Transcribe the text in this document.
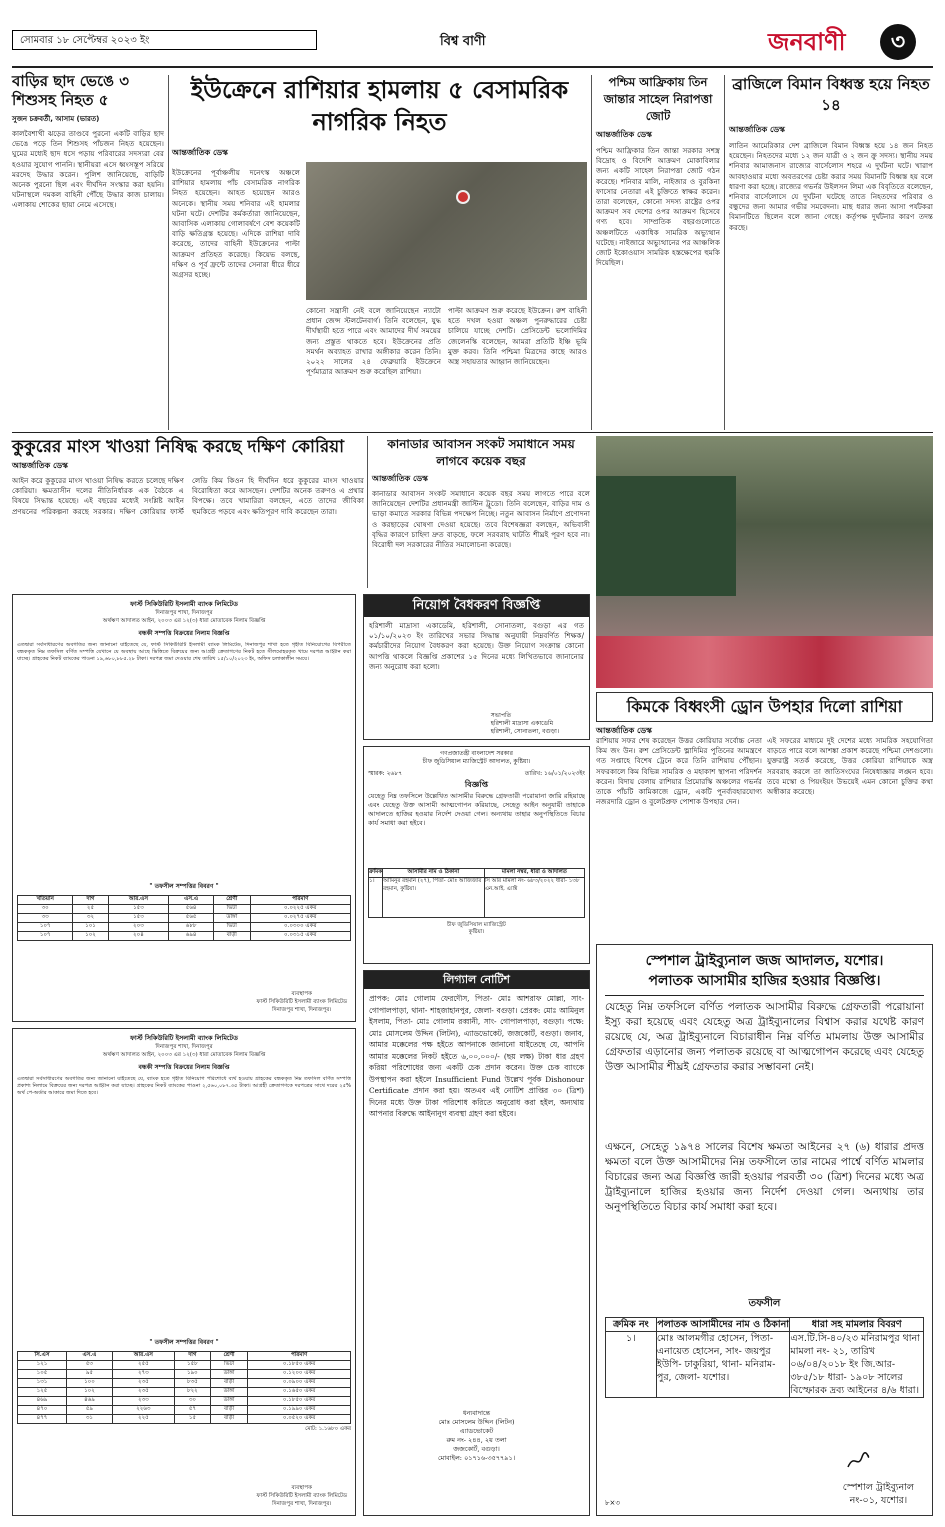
সোমবার ১৮ সেপ্টেম্বর ২০২৩ ইং	বিশ্ব বাণী	জনবাণী	৩
বাড়ির ছাদ ভেঙে ৩ শিশুসহ নিহত ৫
সুজন চক্রবর্তী, আসাম (ভারত)
কালবৈশাখী ঝড়ের তাণ্ডবে পুরনো একটি বাড়ির ছাদ ভেঙে পড়ে তিন শিশুসহ পাঁচজন নিহত হয়েছেন। ঘুমের মধ্যেই ছাদ ধসে পড়ায় পরিবারের সদস্যরা বের হওয়ার সুযোগ পাননি। স্থানীয়রা এসে ধ্বংসস্তূপ সরিয়ে মরদেহ উদ্ধার করেন। পুলিশ জানিয়েছে, বাড়িটি অনেক পুরনো ছিল এবং দীর্ঘদিন সংস্কার করা হয়নি। ঘটনাস্থলে দমকল বাহিনী পৌঁছে উদ্ধার কাজ চালায়। এলাকায় শোকের ছায়া নেমে এসেছে।
ইউক্রেনে রাশিয়ার হামলায় ৫ বেসামরিক নাগরিক নিহত
আন্তর্জাতিক ডেস্ক
ইউক্রেনের পূর্বাঞ্চলীয় দনেৎস্ক অঞ্চলে রাশিয়ার হামলায় পাঁচ বেসামরিক নাগরিক নিহত হয়েছেন। আহত হয়েছেন আরও অনেকে। স্থানীয় সময় শনিবার এই হামলার ঘটনা ঘটে। দেশটির কর্মকর্তারা জানিয়েছেন, আবাসিক এলাকায় গোলাবর্ষণে বেশ কয়েকটি বাড়ি ক্ষতিগ্রস্ত হয়েছে। এদিকে রাশিয়া দাবি করেছে, তাদের বাহিনী ইউক্রেনের পাল্টা আক্রমণ প্রতিহত করেছে। কিয়েভ বলছে, দক্ষিণ ও পূর্ব ফ্রন্টে তাদের সেনারা ধীরে ধীরে অগ্রসর হচ্ছে।
কোনো সন্ত্রাসী নেই বলে জানিয়েছেন ন্যাটো প্রধান জেন্স স্টলটেনবার্গ। তিনি বলেছেন, যুদ্ধ দীর্ঘস্থায়ী হতে পারে এবং আমাদের দীর্ঘ সময়ের জন্য প্রস্তুত থাকতে হবে। ইউক্রেনের প্রতি সমর্থন অব্যাহত রাখার অঙ্গীকার করেন তিনি। ২০২২ সালের ২৪ ফেব্রুয়ারি ইউক্রেনে পূর্ণমাত্রার আক্রমণ শুরু করেছিল রাশিয়া।
পাল্টা আক্রমণ শুরু করেছে ইউক্রেন। রুশ বাহিনী হতে দখল হওয়া অঞ্চল পুনরুদ্ধারের চেষ্টা চালিয়ে যাচ্ছে দেশটি। প্রেসিডেন্ট ভলোদিমির জেলেনস্কি বলেছেন, আমরা প্রতিটি ইঞ্চি ভূমি মুক্ত করব। তিনি পশ্চিমা মিত্রদের কাছে আরও অস্ত্র সহায়তার আহ্বান জানিয়েছেন।
পশ্চিম আফ্রিকায় তিন জান্তার সাহেল নিরাপত্তা জোট
আন্তর্জাতিক ডেস্ক
পশ্চিম আফ্রিকার তিন জান্তা সরকার সশস্ত্র বিদ্রোহ ও বিদেশি আক্রমণ মোকাবিলার জন্য একটি সাহেল নিরাপত্তা জোট গঠন করেছে। শনিবার মালি, নাইজার ও বুরকিনা ফাসোর নেতারা এই চুক্তিতে স্বাক্ষর করেন। তারা বলেছেন, কোনো সদস্য রাষ্ট্রের ওপর আক্রমণ সব দেশের ওপর আক্রমণ হিসেবে গণ্য হবে। সাম্প্রতিক বছরগুলোতে অঞ্চলটিতে একাধিক সামরিক অভ্যুত্থান ঘটেছে। নাইজারে অভ্যুত্থানের পর আঞ্চলিক জোট ইকোওয়াস সামরিক হস্তক্ষেপের হুমকি দিয়েছিল।
ব্রাজিলে বিমান বিধ্বস্ত হয়ে নিহত ১৪
আন্তর্জাতিক ডেস্ক
লাতিন আমেরিকার দেশ ব্রাজিলে বিমান বিধ্বস্ত হয়ে ১৪ জন নিহত হয়েছেন। নিহতদের মধ্যে ১২ জন যাত্রী ও ২ জন ক্রু সদস্য। স্থানীয় সময় শনিবার আমাজনাস রাজ্যের বার্সেলোস শহরে এ দুর্ঘটনা ঘটে। খারাপ আবহাওয়ার মধ্যে অবতরণের চেষ্টা করার সময় বিমানটি বিধ্বস্ত হয় বলে ধারণা করা হচ্ছে। রাজ্যের গভর্নর উইলসন লিমা এক বিবৃতিতে বলেছেন, শনিবার বার্সেলোসে যে দুর্ঘটনা ঘটেছে তাতে নিহতদের পরিবার ও বন্ধুদের জন্য আমার গভীর সমবেদনা। মাছ ধরার জন্য আসা পর্যটকরা বিমানটিতে ছিলেন বলে জানা গেছে। কর্তৃপক্ষ দুর্ঘটনার কারণ তদন্ত করছে।
কুকুরের মাংস খাওয়া নিষিদ্ধ করছে দক্ষিণ কোরিয়া
আন্তর্জাতিক ডেস্ক
আইন করে কুকুরের মাংস খাওয়া নিষিদ্ধ করতে চলেছে দক্ষিণ কোরিয়া। ক্ষমতাসীন দলের নীতিনির্ধারক এক বৈঠকে এ বিষয়ে সিদ্ধান্ত হয়েছে। এই বছরের মধ্যেই সংশ্লিষ্ট আইন প্রণয়নের পরিকল্পনা করছে সরকার। দক্ষিণ কোরিয়ার ফার্স্ট লেডি কিম কিওন হি দীর্ঘদিন ধরে কুকুরের মাংস খাওয়ার বিরোধিতা করে আসছেন। দেশটির অনেক তরুণও এ প্রথার বিপক্ষে। তবে খামারিরা বলছেন, এতে তাদের জীবিকা হুমকিতে পড়বে এবং ক্ষতিপূরণ দাবি করেছেন তারা।
কানাডার আবাসন সংকট সমাধানে সময় লাগবে কয়েক বছর
আন্তর্জাতিক ডেস্ক
কানাডার আবাসন সংকট সমাধানে কয়েক বছর সময় লাগতে পারে বলে জানিয়েছেন দেশটির প্রধানমন্ত্রী জাস্টিন ট্রুডো। তিনি বলেছেন, বাড়ির দাম ও ভাড়া কমাতে সরকার বিভিন্ন পদক্ষেপ নিচ্ছে। নতুন আবাসন নির্মাণে প্রণোদনা ও করছাড়ের ঘোষণা দেওয়া হয়েছে। তবে বিশেষজ্ঞরা বলছেন, অভিবাসী বৃদ্ধির কারণে চাহিদা দ্রুত বাড়ছে, ফলে সরবরাহ ঘাটতি শীঘ্রই পূরণ হবে না। বিরোধী দল সরকারের নীতির সমালোচনা করেছে।
ফার্স্ট সিকিউরিটি ইসলামী ব্যাংক লিমিটেড
দিনাজপুর শাখা, দিনাজপুর
অর্থঋণ আদালত আইন, ২০০৩ এর ১২(৩) ধারা মোতাবেক নিলাম বিজ্ঞপ্তি
বন্ধকী সম্পত্তি বিক্রয়ের নিলাম বিজ্ঞপ্তি
এতদ্বারা সর্বসাধারণের অবগতির জন্য জানানো যাইতেছে যে, ফার্স্ট সিকিউরিটি ইসলামী ব্যাংক লিমিটেড, দিনাজপুর শাখা হতে গৃহীত বিনিয়োগের বিপরীতে বন্ধককৃত নিম্ন তফসিল বর্ণিত সম্পত্তি যেখানে যে অবস্থায় আছে ভিত্তিতে বিক্রয়ের জন্য আগ্রহী ক্রেতাগণের নিকট হতে সীলমোহরকৃত খামে দরপত্র আহ্বান করা যাচ্ছে। গ্রাহকের নিকট ব্যাংকের পাওনা ১৯,৬৮০,৮৮৫.২৮ টাকা। দরপত্র জমা দেওয়ার শেষ তারিখ ১৫/১০/২০২৩ ইং, অফিস চলাকালীন সময়ে।
" তফসীল সম্পত্তির বিবরণ "
খতিয়ান	দাগ	আর.এস	এস.এ	শ্রেণী	পরিমাণ
৩০	২৫	১৫৩	৫৬৪	ভিটা	০.০২২৫ একর
৩৩	৩২	১৫৩	৫৬৫	ডাঙ্গা	০.০২৭৫ একর
১০৭	১০১	২০৩	৬৮৮	ভিটা	০.০৩০০ একর
১০৭	১০২	২০৪	৬৯৪	বাড়ী	০.০৩১৫ একর
ব্যবস্থাপক
ফার্স্ট সিকিউরিটি ইসলামী ব্যাংক লিমিটেড
দিনাজপুর শাখা, দিনাজপুর।
ফার্স্ট সিকিউরিটি ইসলামী ব্যাংক লিমিটেড
দিনাজপুর শাখা, দিনাজপুর
অর্থঋণ আদালত আইন, ২০০৩ এর ১২(৩) ধারা মোতাবেক নিলাম বিজ্ঞপ্তি
বন্ধকী সম্পত্তি বিক্রয়ের নিলাম বিজ্ঞপ্তি
এতদ্বারা সর্বসাধারণের অবগতির জন্য জানানো যাইতেছে যে, ব্যাংক হতে গৃহীত বিনিয়োগ পরিশোধে ব্যর্থ হওয়ায় গ্রাহকের বন্ধককৃত নিম্ন তফসিল বর্ণিত সম্পত্তি প্রকাশ্য নিলামে বিক্রয়ের জন্য দরপত্র আহ্বান করা যাচ্ছে। গ্রাহকের নিকট ব্যাংকের পাওনা ২,৫৬০,০৮৭.৩৫ টাকা। আগ্রহী ক্রেতাগণকে দরপত্রের সাথে দরের ২৫% অর্থ পে-অর্ডার আকারে জমা দিতে হবে।
" তফসীল সম্পত্তির বিবরণ "
সি.এস	এস.এ	আর.এস	দাগ	শ্রেণী	পরিমাণ
১২১	৫৩	২৫৫	১৫৮	ভিটা	০.১৮৫০ একর
১০৫	৯৫	২৭৩	১৯০	ডাঙ্গা	০.১২০০ একর
১৩১	১০০	২৩৫	৮৩৫	বাড়ী	০.০৯০০ একর
১২৫	১০২	২৩৫	৮২২	ডাঙ্গা	০.১৬৫০ একর
৪৬৯	৪৬৯	২৩৩	৩০	ডাঙ্গা	০.১৮৫০ একর
৪৭০	৫৯	২২৬৩	৫৭	বাড়ী	০.১৯৯০ একর
৪৭৭	৩১	২২৫	১৫	বাড়ী	০.০৫২০ একর
মোট: ১.১৬৮০ একর
ব্যবস্থাপক
ফার্স্ট সিকিউরিটি ইসলামী ব্যাংক লিমিটেড
দিনাজপুর শাখা, দিনাজপুর।
নিয়োগ বৈধকরণ বিজ্ঞপ্তি
হরিশালী মাদ্রাসা একাডেমি, হরিশালী, সোনাতলা, বগুড়া এর গত ০১/১০/২০২৩ ইং তারিখের সভার সিদ্ধান্ত অনুযায়ী নিম্নবর্ণিত শিক্ষক/কর্মচারীদের নিয়োগ বৈধকরণ করা হয়েছে। উক্ত নিয়োগ সংক্রান্ত কোনো আপত্তি থাকলে বিজ্ঞপ্তি প্রকাশের ১৫ দিনের মধ্যে লিখিতভাবে জানানোর জন্য অনুরোধ করা হলো।
সভাপতি
হরিশালী মাদ্রাসা একাডেমি
হরিশালী, সোনাতলা, বগুড়া।
গণপ্রজাতন্ত্রী বাংলাদেশ সরকার
চীফ জুডিসিয়াল ম্যাজিস্ট্রেট আদালত, কুষ্টিয়া।
স্মারক: ২৬৮৭	তারিখ: ১৬/০১/২০২৩ইং
বিজ্ঞপ্তি
যেহেতু নিম্ন তফসিলে উল্লেখিত আসামীর বিরুদ্ধে গ্রেফতারী পরোয়ানা জারি রহিয়াছে এবং যেহেতু উক্ত আসামী আত্মগোপন করিয়াছে, সেহেতু আইন অনুযায়ী তাহাকে আদালতে হাজির হওয়ার নির্দেশ দেওয়া গেল। অন্যথায় তাহার অনুপস্থিতিতে বিচার কার্য সমাধা করা হইবে।
ক্রমিক	আসামীর নাম ও ঠিকানা	মামলা নম্বর, ধারা ও আদালত
১।	আমিনুর রহমান (২৭), পিতা- মোঃ আজিজার রহমান, কুষ্টিয়া।	সি আর মামলা নং- ৬৮৩/২০২২ ধারা- ১৩৮ এন.আই. এ্যাক্ট
চীফ জুডিসিয়াল ম্যাজিস্ট্রেট
কুষ্টিয়া।
লিগ্যাল নোটিশ
প্রাপক: মোঃ গোলাম ফেরদৌস, পিতা- মোঃ আশরাফ মোল্লা, সাং- গোপালপাড়া, থানা- শাহজাহানপুর, জেলা- বগুড়া। প্রেরক: মোঃ আমিনুল ইসলাম, পিতা- মোঃ গোলাম রব্বানী, সাং- গোপালপাড়া, বগুড়া। পক্ষে: মোঃ মোসলেম উদ্দিন (লিটন), এ্যাডভোকেট, জজকোর্ট, বগুড়া। জনাব, আমার মক্কেলের পক্ষ হইতে আপনাকে জানানো যাইতেছে যে, আপনি আমার মক্কেলের নিকট হইতে ৬,০০,০০০/- (ছয় লক্ষ) টাকা ধার গ্রহণ করিয়া পরিশোধের জন্য একটি চেক প্রদান করেন। উক্ত চেক ব্যাংকে উপস্থাপন করা হইলে Insufficient Fund উল্লেখ পূর্বক Dishonour Certificate প্রদান করা হয়। অতএব এই নোটিশ প্রাপ্তির ৩০ (ত্রিশ) দিনের মধ্যে উক্ত টাকা পরিশোধ করিতে অনুরোধ করা হইল, অন্যথায় আপনার বিরুদ্ধে আইনানুগ ব্যবস্থা গ্রহণ করা হইবে।
ধন্যবাদান্তে
মোঃ মোসলেম উদ্দিন (লিটন)
এ্যাডভোকেট
রুম নং- ২৪৪, ২য় তলা
জজকোর্ট, বগুড়া।
মোবাইল: ০১৭১৬-৩৫৭৭৯১।
কিমকে বিধ্বংসী ড্রোন উপহার দিলো রাশিয়া
আন্তর্জাতিক ডেস্ক
রাশিয়ায় সফর শেষ করেছেন উত্তর কোরিয়ার সর্বোচ্চ নেতা কিম জং উন। রুশ প্রেসিডেন্ট ভ্লাদিমির পুতিনের আমন্ত্রণে গত সপ্তাহে বিশেষ ট্রেনে করে তিনি রাশিয়ায় পৌঁছান। সফরকালে কিম বিভিন্ন সামরিক ও মহাকাশ স্থাপনা পরিদর্শন করেন। বিদায় বেলায় রাশিয়ার প্রিমোরস্কি অঞ্চলের গভর্নর তাকে পাঁচটি কামিকাজে ড্রোন, একটি পুনর্ব্যবহারযোগ্য নজরদারি ড্রোন ও বুলেটপ্রুফ পোশাক উপহার দেন।
এই সফরের মাধ্যমে দুই দেশের মধ্যে সামরিক সহযোগিতা বাড়তে পারে বলে আশঙ্কা প্রকাশ করেছে পশ্চিমা দেশগুলো। যুক্তরাষ্ট্র সতর্ক করেছে, উত্তর কোরিয়া রাশিয়াকে অস্ত্র সরবরাহ করলে তা জাতিসংঘের নিষেধাজ্ঞার লঙ্ঘন হবে। তবে মস্কো ও পিয়ংইয়ং উভয়েই এমন কোনো চুক্তির কথা অস্বীকার করেছে।
স্পেশাল ট্রাইব্যুনাল জজ আদালত, যশোর।
পলাতক আসামীর হাজির হওয়ার বিজ্ঞপ্তি।
যেহেতু নিম্ন তফসিলে বর্ণিত পলাতক আসামীর বিরুদ্ধে গ্রেফতারী পরোয়ানা ইস্যু করা হয়েছে এবং যেহেতু অত্র ট্রাইব্যুনালের বিশ্বাস করার যথেষ্ট কারণ রয়েছে যে, অত্র ট্রাইব্যুনালে বিচারাধীন নিম্ন বর্ণিত মামলায় উক্ত আসামীর গ্রেফতার এড়ানোর জন্য পলাতক রয়েছে বা আত্মগোপন করেছে এবং যেহেতু উক্ত আসামীর শীঘ্রই গ্রেফতার করার সম্ভাবনা নেই।
এক্ষনে, সেহেতু ১৯৭৪ সালের বিশেষ ক্ষমতা আইনের ২৭ (৬) ধারার প্রদত্ত ক্ষমতা বলে উক্ত আসামীদের নিম্ন তফসীলে তার নামের পার্শ্বে বর্ণিত মামলার বিচারের জন্য অত্র বিজ্ঞপ্তি জারী হওয়ার পরবর্তী ৩০ (ত্রিশ) দিনের মধ্যে অত্র ট্রাইব্যুনালে হাজির হওয়ার জন্য নির্দেশ দেওয়া গেল। অন্যথায় তার অনুপস্থিতিতে বিচার কার্য সমাধা করা হবে।
তফসীল
ক্রমিক নং	পলাতক আসামীদের নাম ও ঠিকানা	ধারা সহ মামলার বিবরণ
১।	মোঃ আলমগীর হোসেন, পিতা-এনায়েত হোসেন, সাং- জয়পুর ইউপি- ঢাকুরিয়া, থানা- মনিরাম- পুর, জেলা- যশোর।	এস.টি.সি-৪০/২৩ মনিরামপুর থানা মামলা নং- ২১, তারিখ ০৬/০৪/২০১৮ ইং জি.আর- ৩৮৫/১৮ ধারা- ১৯০৮ সালের বিস্ফোরক দ্রব্য আইনের ৪/৬ ধারা।
স্পেশাল ট্রাইব্যুনাল
নং-০১, যশোর।
৮×৩
